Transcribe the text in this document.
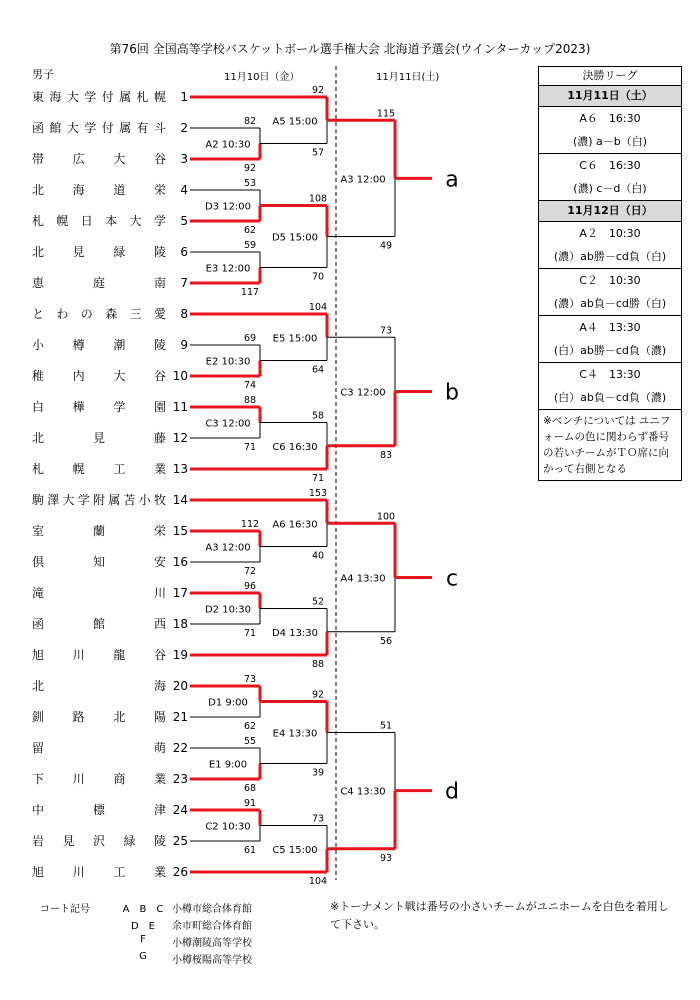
第76回 全国高等学校バスケットボール選手権大会 北海道予選会(ウインターカップ2023)
男子	11月10日（金）	11月11日(土)
東海大学付属札幌	1
函館大学付属有斗	2
帯広大谷	3
北海道栄	4
札幌日本大学	5
北見緑陵	6
恵庭南	7
とわの森三愛	8
小樽潮陵	9
稚内大谷 10
白樺学園 11
北見藤 12
札幌工業 13
駒澤大学附属苫小牧 14
室蘭栄 15
倶知安 16
滝川 17
函館西 18
旭川龍谷 19
北海 20
釧路北陽 21
留萌 22
下川商業 23
中標津 24
岩見沢緑陵 25
旭川工業 26
82
92
A2 10:30
53
62
D3 12:00
59
117
E3 12:00
69
74
E2 10:30
88
71
C3 12:00
112
72
A3 12:00
96
71
D2 10:30
73
62
D1 9:00
55
68
E1 9:00
91
61
C2 10:30
92
57
A5 15:00
108
70
D5 15:00
104
64
E5 15:00
58
71
C6 16:30
153
40
A6 16:30
52
88
D4 13:30
92
39
E4 13:30
73
104
C5 15:00
115
49
A3 12:00	a
73
83
C3 12:00	b
100
56
A4 13:30	c
51
93
C4 13:30	d
決勝リーグ
11月11日（土）
A６　16:30
(濃) a－b（白)
C６　16:30
(濃) c－d（白)
11月12日（日）
A２　10:30
(濃）ab勝－cd負（白)
C２　10:30
(濃）ab負－cd勝（白)
A４　13:30
(白）ab勝－cd負（濃)
C４　13:30
(白）ab負－cd負（濃)
※ベンチについては ユニフォームの色に関わらず番号の若いチームがＴＯ席に向かって右側となる
コート記号	A　B　C 小樽市総合体育館
D　E	余市町総合体育館
F	小樽潮陵高等学校
G	小樽桜陽高等学校
※トーナメント戦は番号の小さいチームがユニホームを白色を着用して下さい。
